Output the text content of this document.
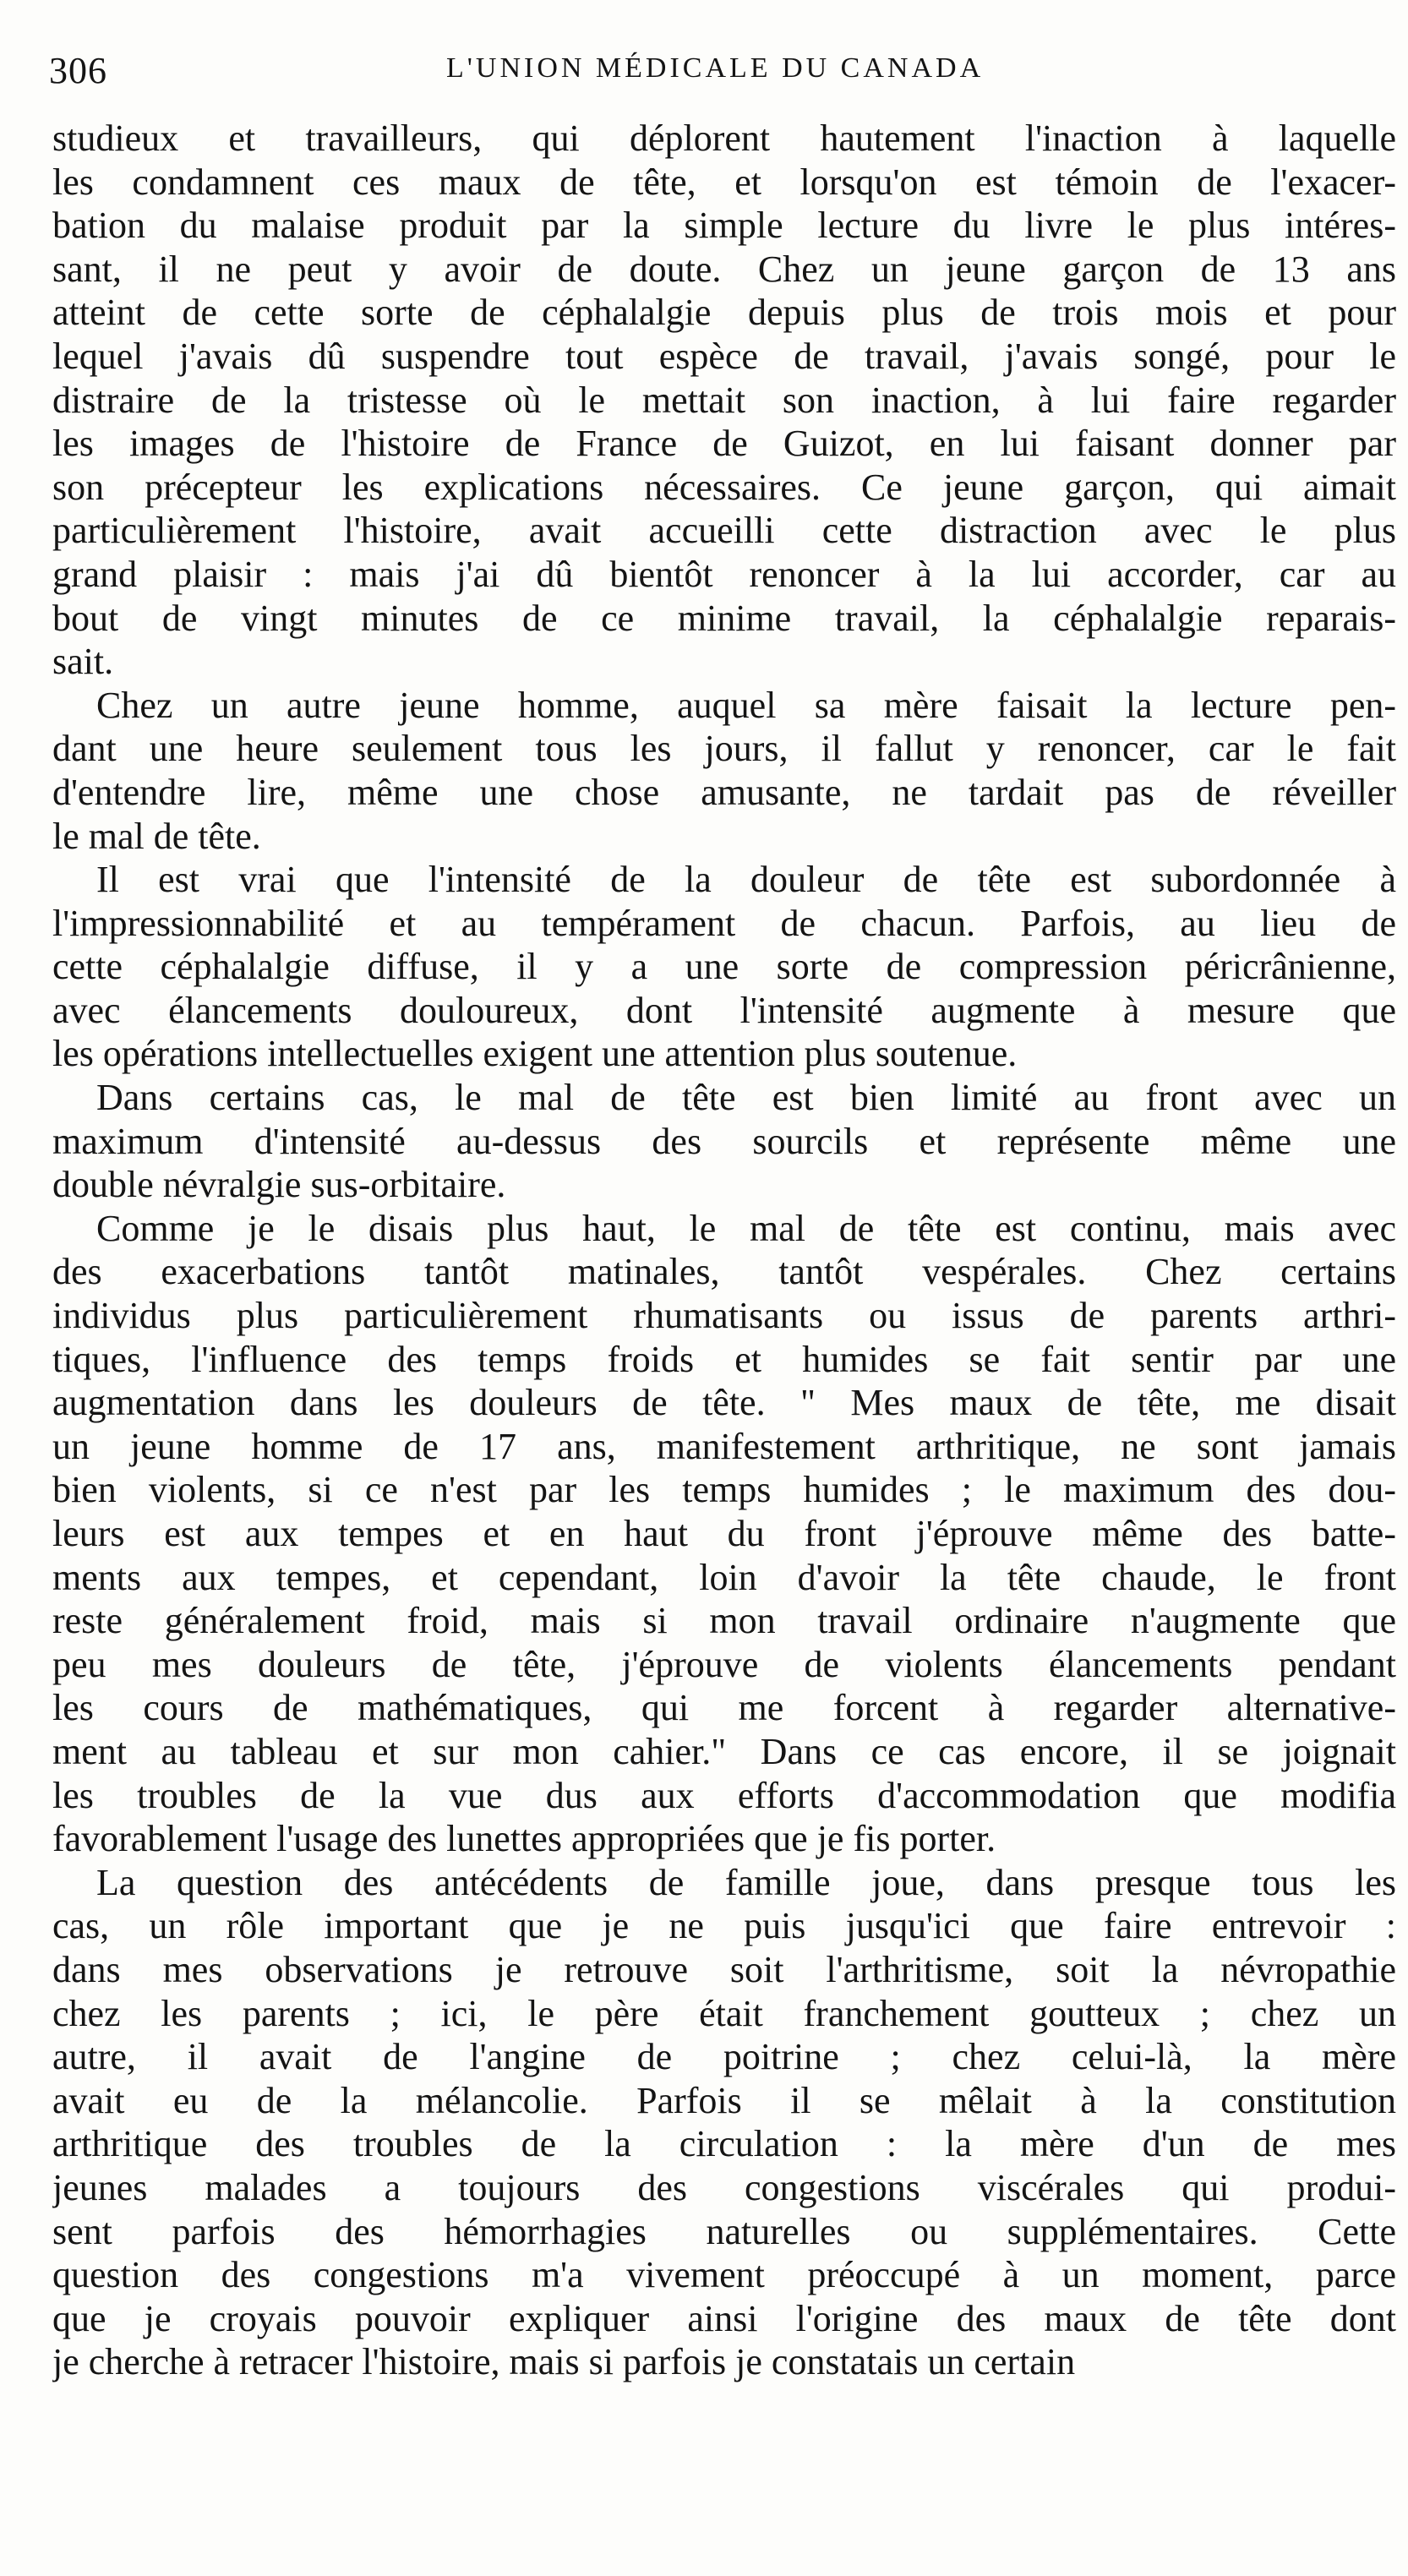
306	L'UNION MÉDICALE DU CANADA
studieux et travailleurs, qui déplorent hautement l'inaction à laquelle
les condamnent ces maux de tête, et lorsqu'on est témoin de l'exacer-
bation du malaise produit par la simple lecture du livre le plus intéres-
sant, il ne peut y avoir de doute. Chez un jeune garçon de 13 ans
atteint de cette sorte de céphalalgie depuis plus de trois mois et pour
lequel j'avais dû suspendre tout espèce de travail, j'avais songé, pour le
distraire de la tristesse où le mettait son inaction, à lui faire regarder
les images de l'histoire de France de Guizot, en lui faisant donner par
son précepteur les explications nécessaires. Ce jeune garçon, qui aimait
particulièrement l'histoire, avait accueilli cette distraction avec le plus
grand plaisir : mais j'ai dû bientôt renoncer à la lui accorder, car au
bout de vingt minutes de ce minime travail, la céphalalgie reparais-
sait.
Chez un autre jeune homme, auquel sa mère faisait la lecture pen-
dant une heure seulement tous les jours, il fallut y renoncer, car le fait
d'entendre lire, même une chose amusante, ne tardait pas de réveiller
le mal de tête.
Il est vrai que l'intensité de la douleur de tête est subordonnée à
l'impressionnabilité et au tempérament de chacun. Parfois, au lieu de
cette céphalalgie diffuse, il y a une sorte de compression péricrânienne,
avec élancements douloureux, dont l'intensité augmente à mesure que
les opérations intellectuelles exigent une attention plus soutenue.
Dans certains cas, le mal de tête est bien limité au front avec un
maximum d'intensité au-dessus des sourcils et représente même une
double névralgie sus-orbitaire.
Comme je le disais plus haut, le mal de tête est continu, mais avec
des exacerbations tantôt matinales, tantôt vespérales. Chez certains
individus plus particulièrement rhumatisants ou issus de parents arthri-
tiques, l'influence des temps froids et humides se fait sentir par une
augmentation dans les douleurs de tête. " Mes maux de tête, me disait
un jeune homme de 17 ans, manifestement arthritique, ne sont jamais
bien violents, si ce n'est par les temps humides ; le maximum des dou-
leurs est aux tempes et en haut du front j'éprouve même des batte-
ments aux tempes, et cependant, loin d'avoir la tête chaude, le front
reste généralement froid, mais si mon travail ordinaire n'augmente que
peu mes douleurs de tête, j'éprouve de violents élancements pendant
les cours de mathématiques, qui me forcent à regarder alternative-
ment au tableau et sur mon cahier." Dans ce cas encore, il se joignait
les troubles de la vue dus aux efforts d'accommodation que modifia
favorablement l'usage des lunettes appropriées que je fis porter.
La question des antécédents de famille joue, dans presque tous les
cas, un rôle important que je ne puis jusqu'ici que faire entrevoir :
dans mes observations je retrouve soit l'arthritisme, soit la névropathie
chez les parents ; ici, le père était franchement goutteux ; chez un
autre, il avait de l'angine de poitrine ; chez celui-là, la mère
avait eu de la mélancolie. Parfois il se mêlait à la constitution
arthritique des troubles de la circulation : la mère d'un de mes
jeunes malades a toujours des congestions viscérales qui produi-
sent parfois des hémorrhagies naturelles ou supplémentaires. Cette
question des congestions m'a vivement préoccupé à un moment, parce
que je croyais pouvoir expliquer ainsi l'origine des maux de tête dont
je cherche à retracer l'histoire, mais si parfois je constatais un certain
